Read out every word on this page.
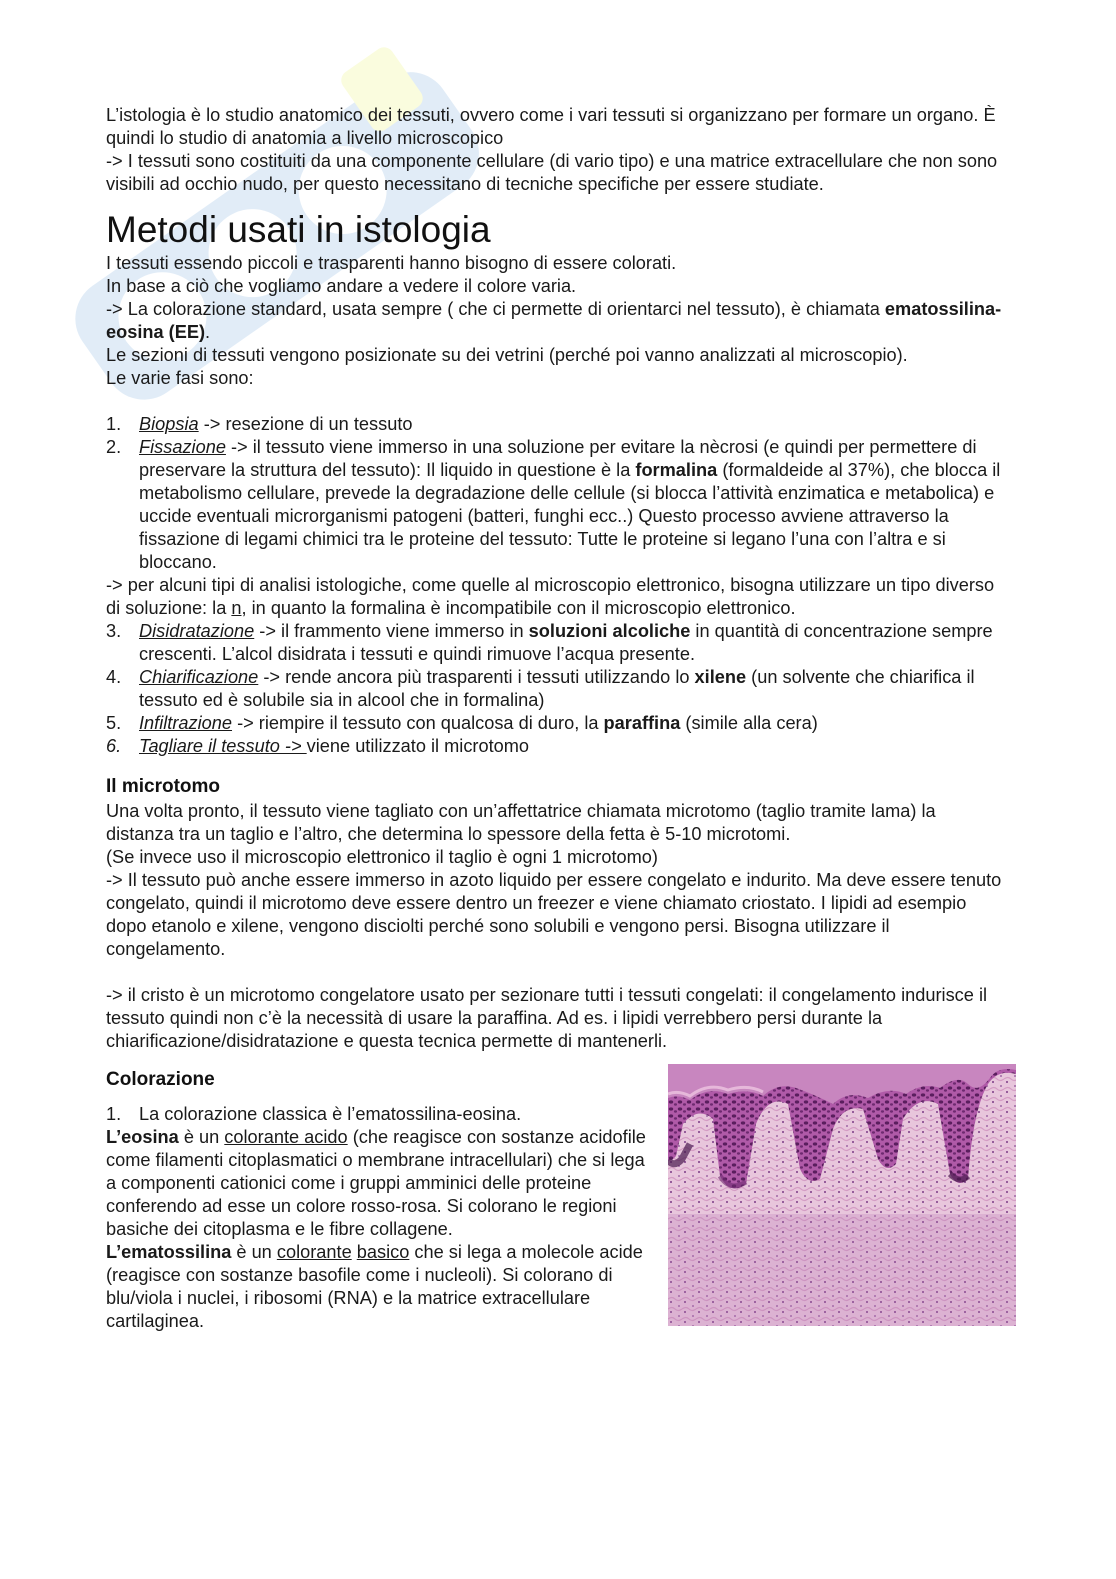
L’istologia è lo studio anatomico dei tessuti, ovvero come i vari tessuti si organizzano per formare un organo. È quindi lo studio di anatomia a livello microscopico

-> I tessuti sono costituiti da una componente cellulare (di vario tipo) e una matrice extracellulare che non sono visibili ad occhio nudo, per questo necessitano di tecniche specifiche per essere studiate.

Metodi usati in istologia

I tessuti essendo piccoli e trasparenti hanno bisogno di essere colorati.

In base a ciò che vogliamo andare a vedere il colore varia.

-> La colorazione standard, usata sempre ( che ci permette di orientarci nel tessuto), è chiamata ematossilina-eosina (EE).

Le sezioni di tessuti vengono posizionate su dei vetrini (perché poi vanno analizzati al microscopio).

Le varie fasi sono:

1. Biopsia -> resezione di un tessuto
2. Fissazione -> il tessuto viene immerso in una soluzione per evitare la nècrosi (e quindi per permettere di preservare la struttura del tessuto): Il liquido in questione è la formalina (formaldeide al 37%), che blocca il metabolismo cellulare, prevede la degradazione delle cellule (si blocca l’attività enzimatica e metabolica) e uccide eventuali microrganismi patogeni (batteri, funghi ecc..) Questo processo avviene attraverso la fissazione di legami chimici tra le proteine del tessuto: Tutte le proteine si legano l’una con l’altra e si bloccano.

-> per alcuni tipi di analisi istologiche, come quelle al microscopio elettronico, bisogna utilizzare un tipo diverso di soluzione: la n, in quanto la formalina è incompatibile con il microscopio elettronico.

3. Disidratazione -> il frammento viene immerso in soluzioni alcoliche in quantità di concentrazione sempre crescenti. L’alcol disidrata i tessuti e quindi rimuove l’acqua presente.
4. Chiarificazione -> rende ancora più trasparenti i tessuti utilizzando lo xilene (un solvente che chiarifica il tessuto ed è solubile sia in alcool che in formalina)
5. Infiltrazione -> riempire il tessuto con qualcosa di duro, la paraffina (simile alla cera)
6. Tagliare il tessuto -> viene utilizzato il microtomo
Il microtomo

Una volta pronto, il tessuto viene tagliato con un’affettatrice chiamata microtomo (taglio tramite lama) la distanza tra un taglio e l’altro, che determina lo spessore della fetta è 5-10 microtomi.

(Se invece uso il microscopio elettronico il taglio è ogni 1 microtomo)

-> Il tessuto può anche essere immerso in azoto liquido per essere congelato e indurito. Ma deve essere tenuto congelato, quindi il microtomo deve essere dentro un freezer e viene chiamato criostato. I lipidi ad esempio dopo etanolo e xilene, vengono disciolti perché sono solubili e vengono persi. Bisogna utilizzare il congelamento.

-> il cristo è un microtomo congelatore usato per sezionare tutti i tessuti congelati: il congelamento indurisce il tessuto quindi non c’è la necessità di usare la paraffina. Ad es. i lipidi verrebbero persi durante la chiarificazione/disidratazione e questa tecnica permette di mantenerli.

Colorazione

1. La colorazione classica è l’ematossilina-eosina.

L’eosina è un colorante acido (che reagisce con sostanze acidofile come filamenti citoplasmatici o membrane intracellulari) che si lega a componenti cationici come i gruppi amminici delle proteine conferendo ad esse un colore rosso-rosa. Si colorano le regioni basiche dei citoplasma e le fibre collagene.

L’ematossilina è un colorante basico che si lega a molecole acide (reagisce con sostanze basofile come i nucleoli). Si colorano di blu/viola i nuclei, i ribosomi (RNA) e la matrice extracellulare cartilaginea.
